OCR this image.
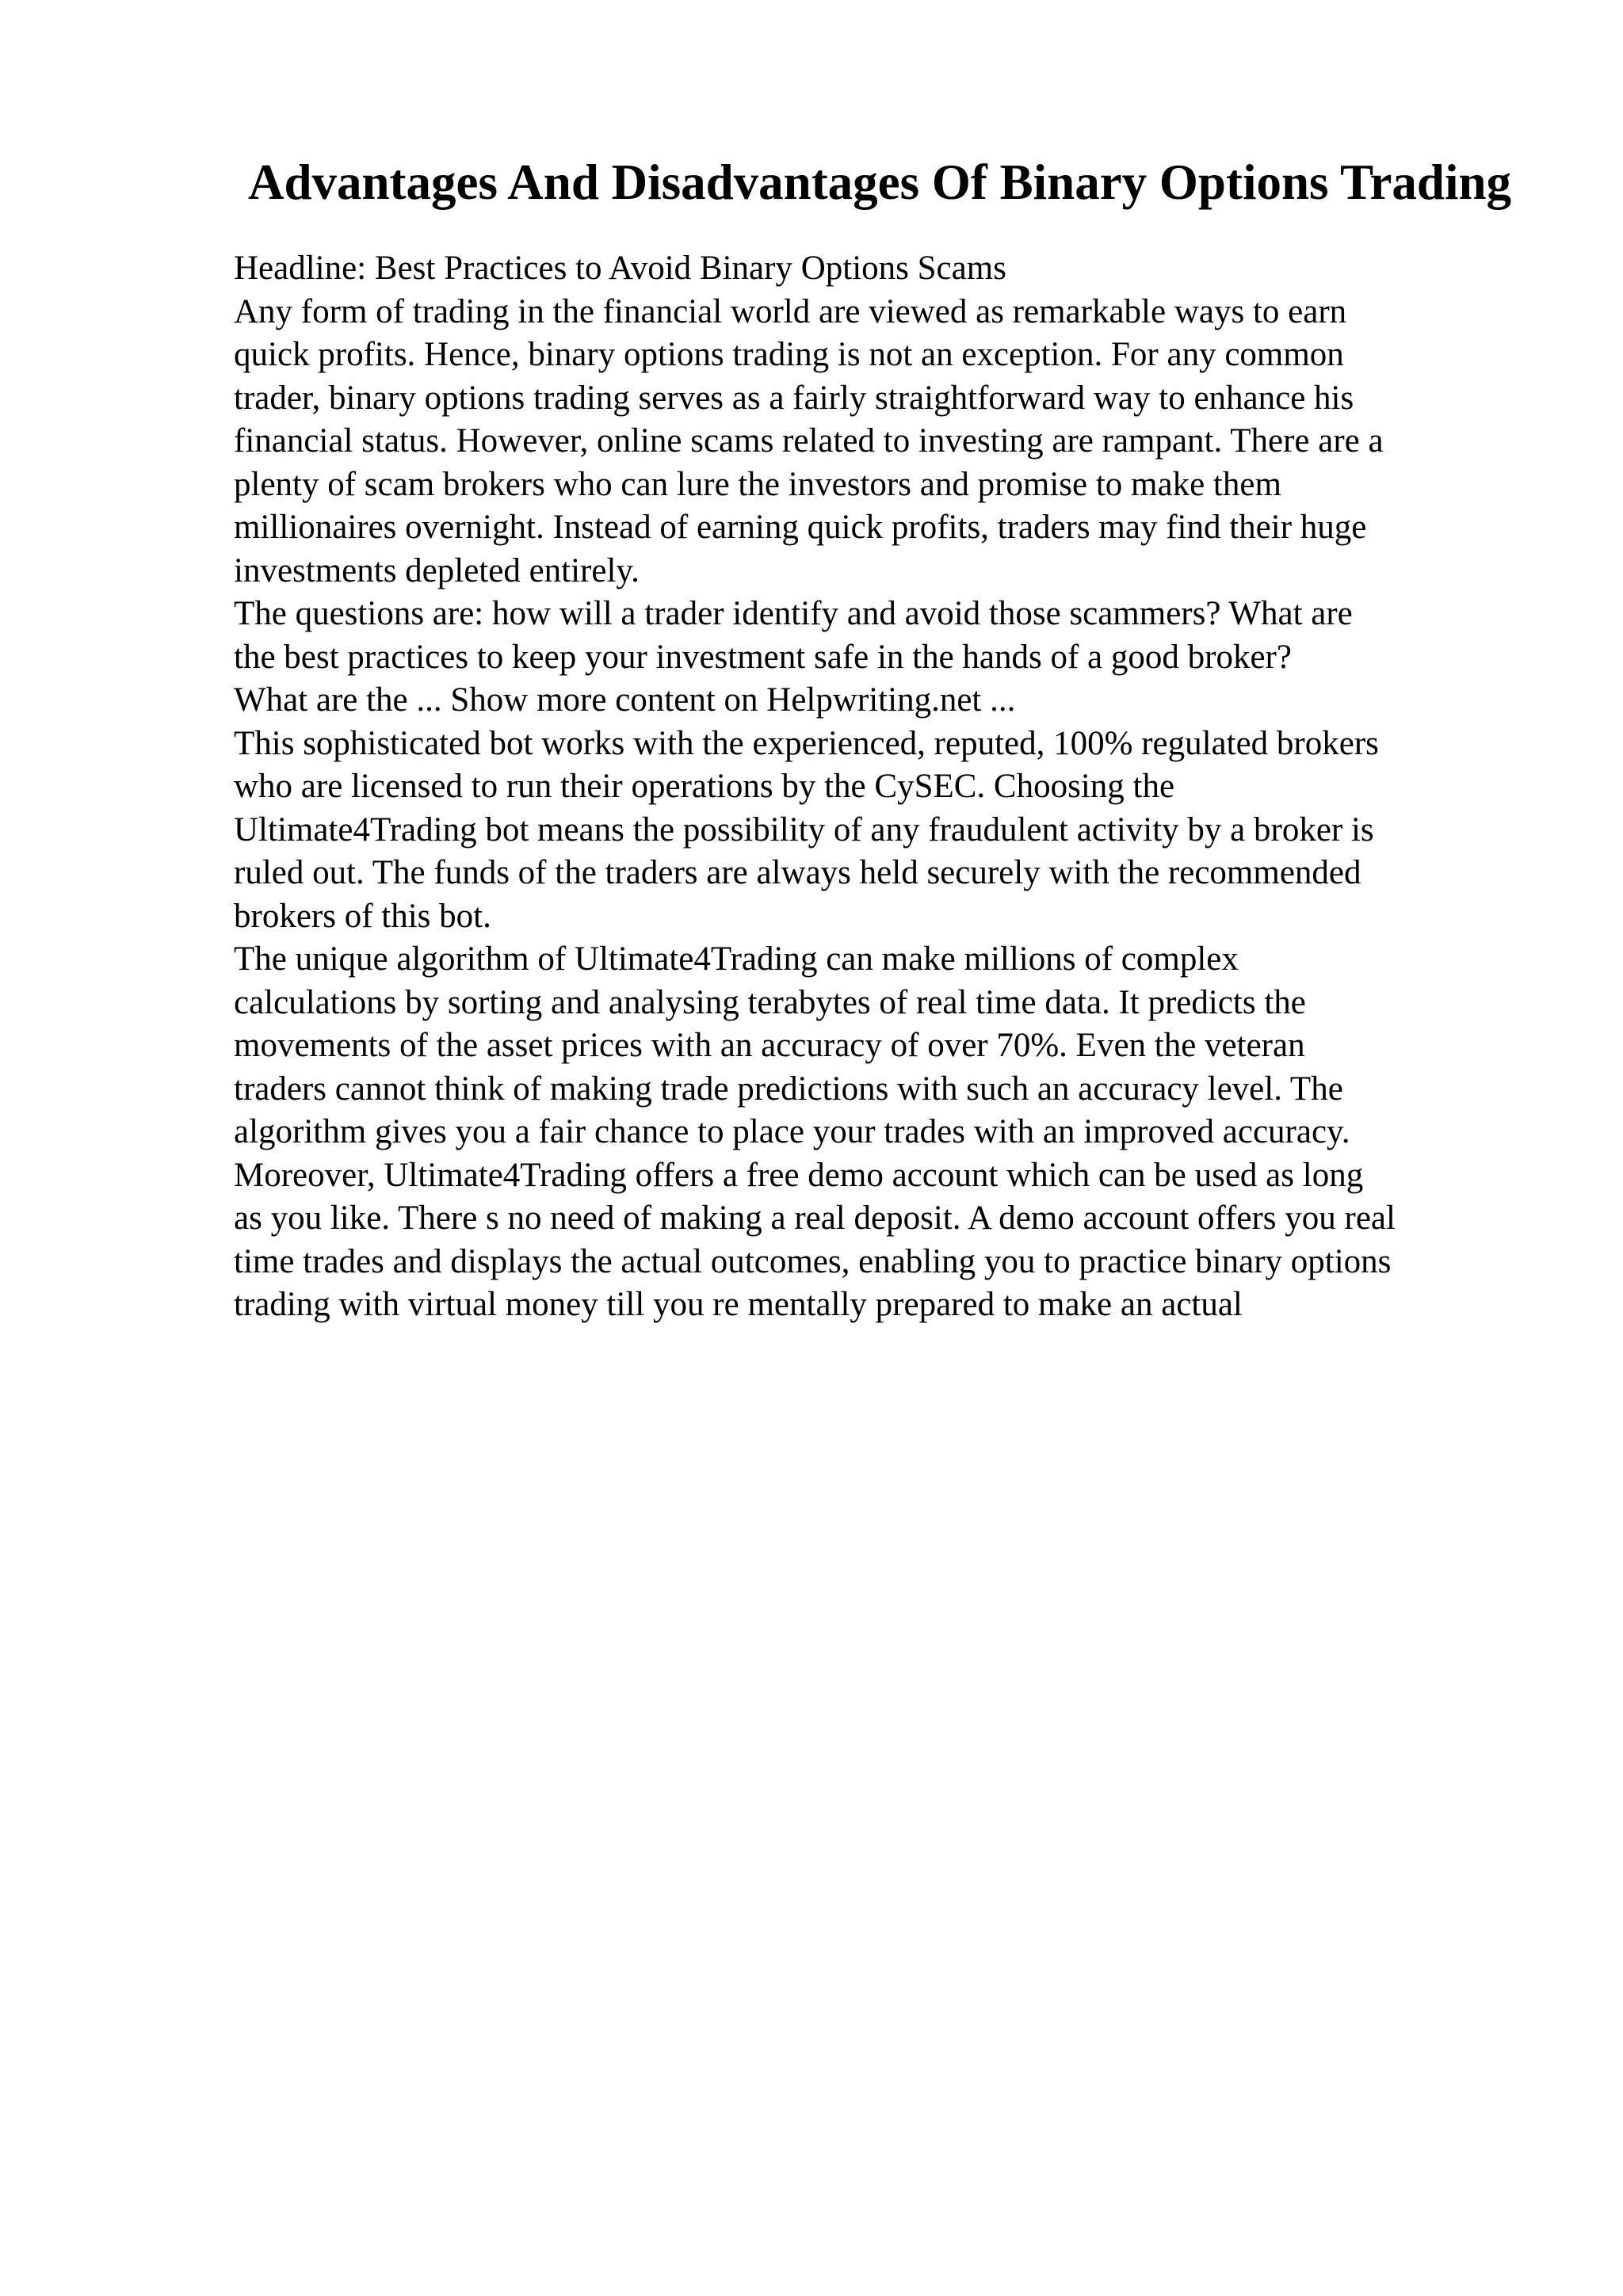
Advantages And Disadvantages Of Binary Options Trading
Headline: Best Practices to Avoid Binary Options Scams
Any form of trading in the financial world are viewed as remarkable ways to earn
quick profits. Hence, binary options trading is not an exception. For any common
trader, binary options trading serves as a fairly straightforward way to enhance his
financial status. However, online scams related to investing are rampant. There are a
plenty of scam brokers who can lure the investors and promise to make them
millionaires overnight. Instead of earning quick profits, traders may find their huge
investments depleted entirely.
The questions are: how will a trader identify and avoid those scammers? What are
the best practices to keep your investment safe in the hands of a good broker?
What are the ... Show more content on Helpwriting.net ...
This sophisticated bot works with the experienced, reputed, 100% regulated brokers
who are licensed to run their operations by the CySEC. Choosing the
Ultimate4Trading bot means the possibility of any fraudulent activity by a broker is
ruled out. The funds of the traders are always held securely with the recommended
brokers of this bot.
The unique algorithm of Ultimate4Trading can make millions of complex
calculations by sorting and analysing terabytes of real time data. It predicts the
movements of the asset prices with an accuracy of over 70%. Even the veteran
traders cannot think of making trade predictions with such an accuracy level. The
algorithm gives you a fair chance to place your trades with an improved accuracy.
Moreover, Ultimate4Trading offers a free demo account which can be used as long
as you like. There s no need of making a real deposit. A demo account offers you real
time trades and displays the actual outcomes, enabling you to practice binary options
trading with virtual money till you re mentally prepared to make an actual
